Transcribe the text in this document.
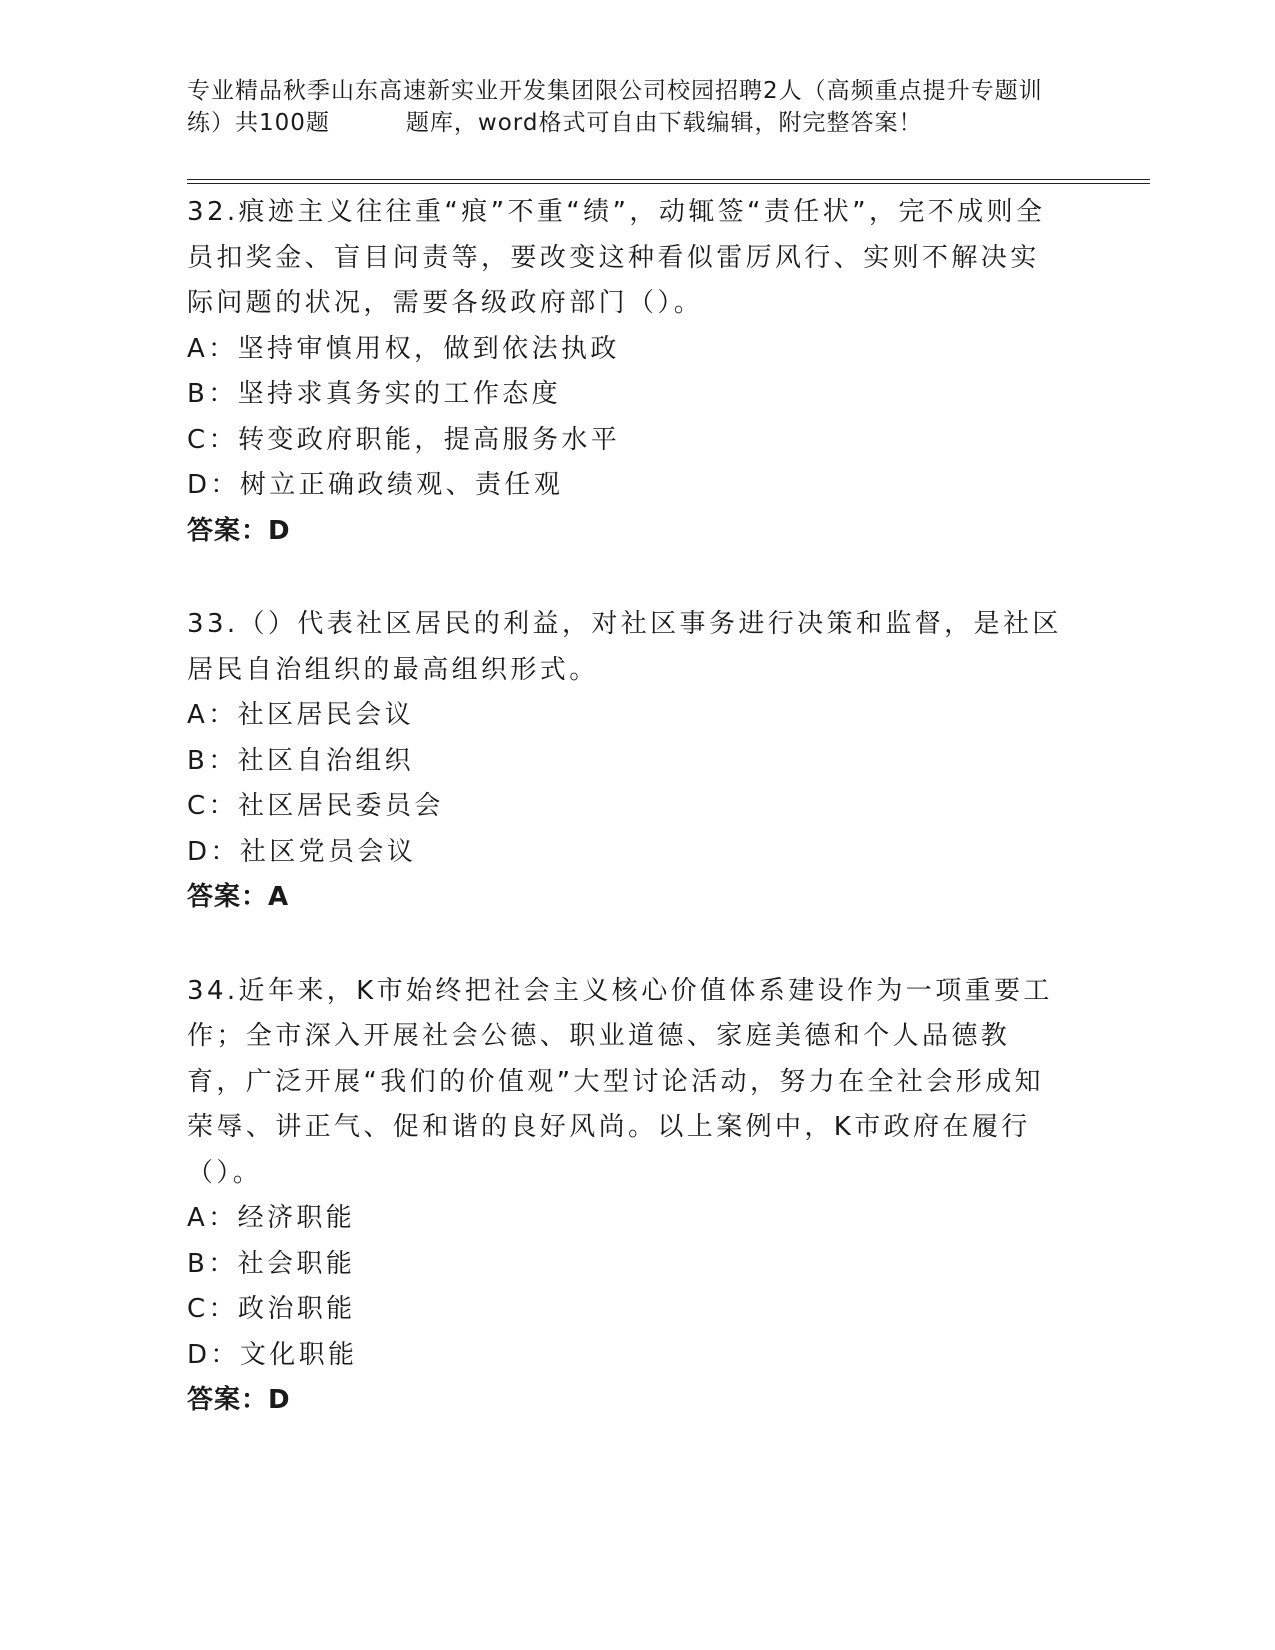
专业精品秋季山东高速新实业开发集团限公司校园招聘2人（高频重点提升专题训
练）共100题	题库，word格式可自由下载编辑，附完整答案！

32.痕迹主义往往重“痕”不重“绩”，动辄签“责任状”，完不成则全员扣奖金、盲目问责等，要改变这种看似雷厉风行、实则不解决实际问题的状况，需要各级政府部门（）。

A：坚持审慎用权，做到依法执政

B：坚持求真务实的工作态度

C：转变政府职能，提高服务水平

D：树立正确政绩观、责任观

答案：D

33.（）代表社区居民的利益，对社区事务进行决策和监督，是社区居民自治组织的最高组织形式。

A：社区居民会议

B：社区自治组织

C：社区居民委员会

D：社区党员会议

答案：A

34.近年来，K市始终把社会主义核心价值体系建设作为一项重要工作；全市深入开展社会公德、职业道德、家庭美德和个人品德教育，广泛开展“我们的价值观”大型讨论活动，努力在全社会形成知荣辱、讲正气、促和谐的良好风尚。以上案例中，K市政府在履行（）。

A：经济职能

B：社会职能

C：政治职能

D：文化职能

答案：D
